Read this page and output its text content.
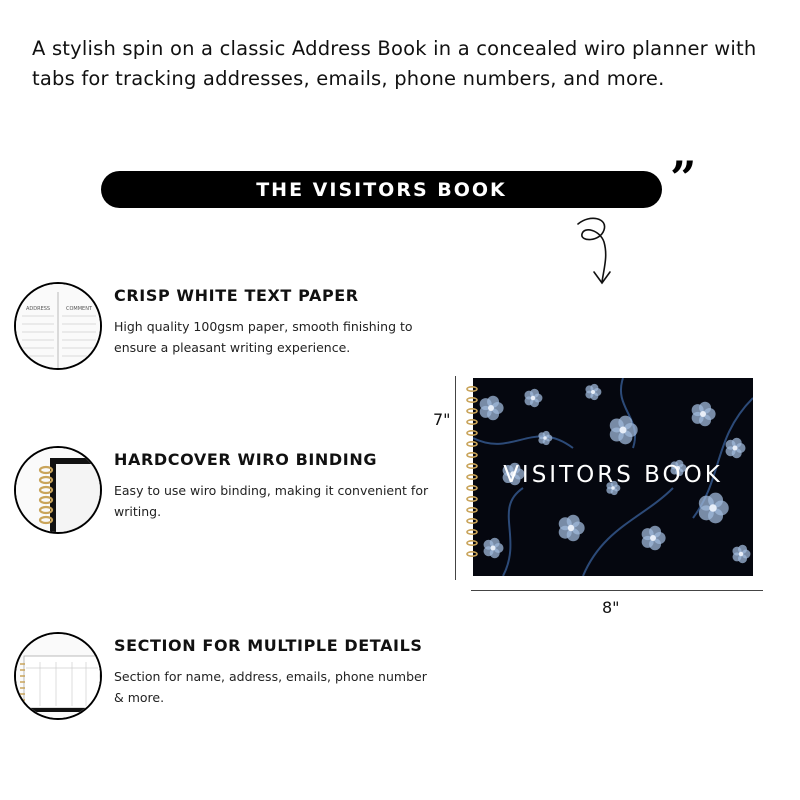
A stylish spin on a classic Address Book in a concealed wiro planner with tabs for tracking addresses, emails, phone numbers, and more.

THE VISITORS BOOK	”
ADDRESS	COMMENT
CRISP WHITE TEXT PAPER

High quality 100gsm paper, smooth finishing to ensure a pleasant writing experience.

HARDCOVER WIRO BINDING

Easy to use wiro binding, making it convenient for writing.

SECTION FOR MULTIPLE DETAILS

Section for name, address, emails, phone number & more.

7"
VISITORS BOOK
8"
